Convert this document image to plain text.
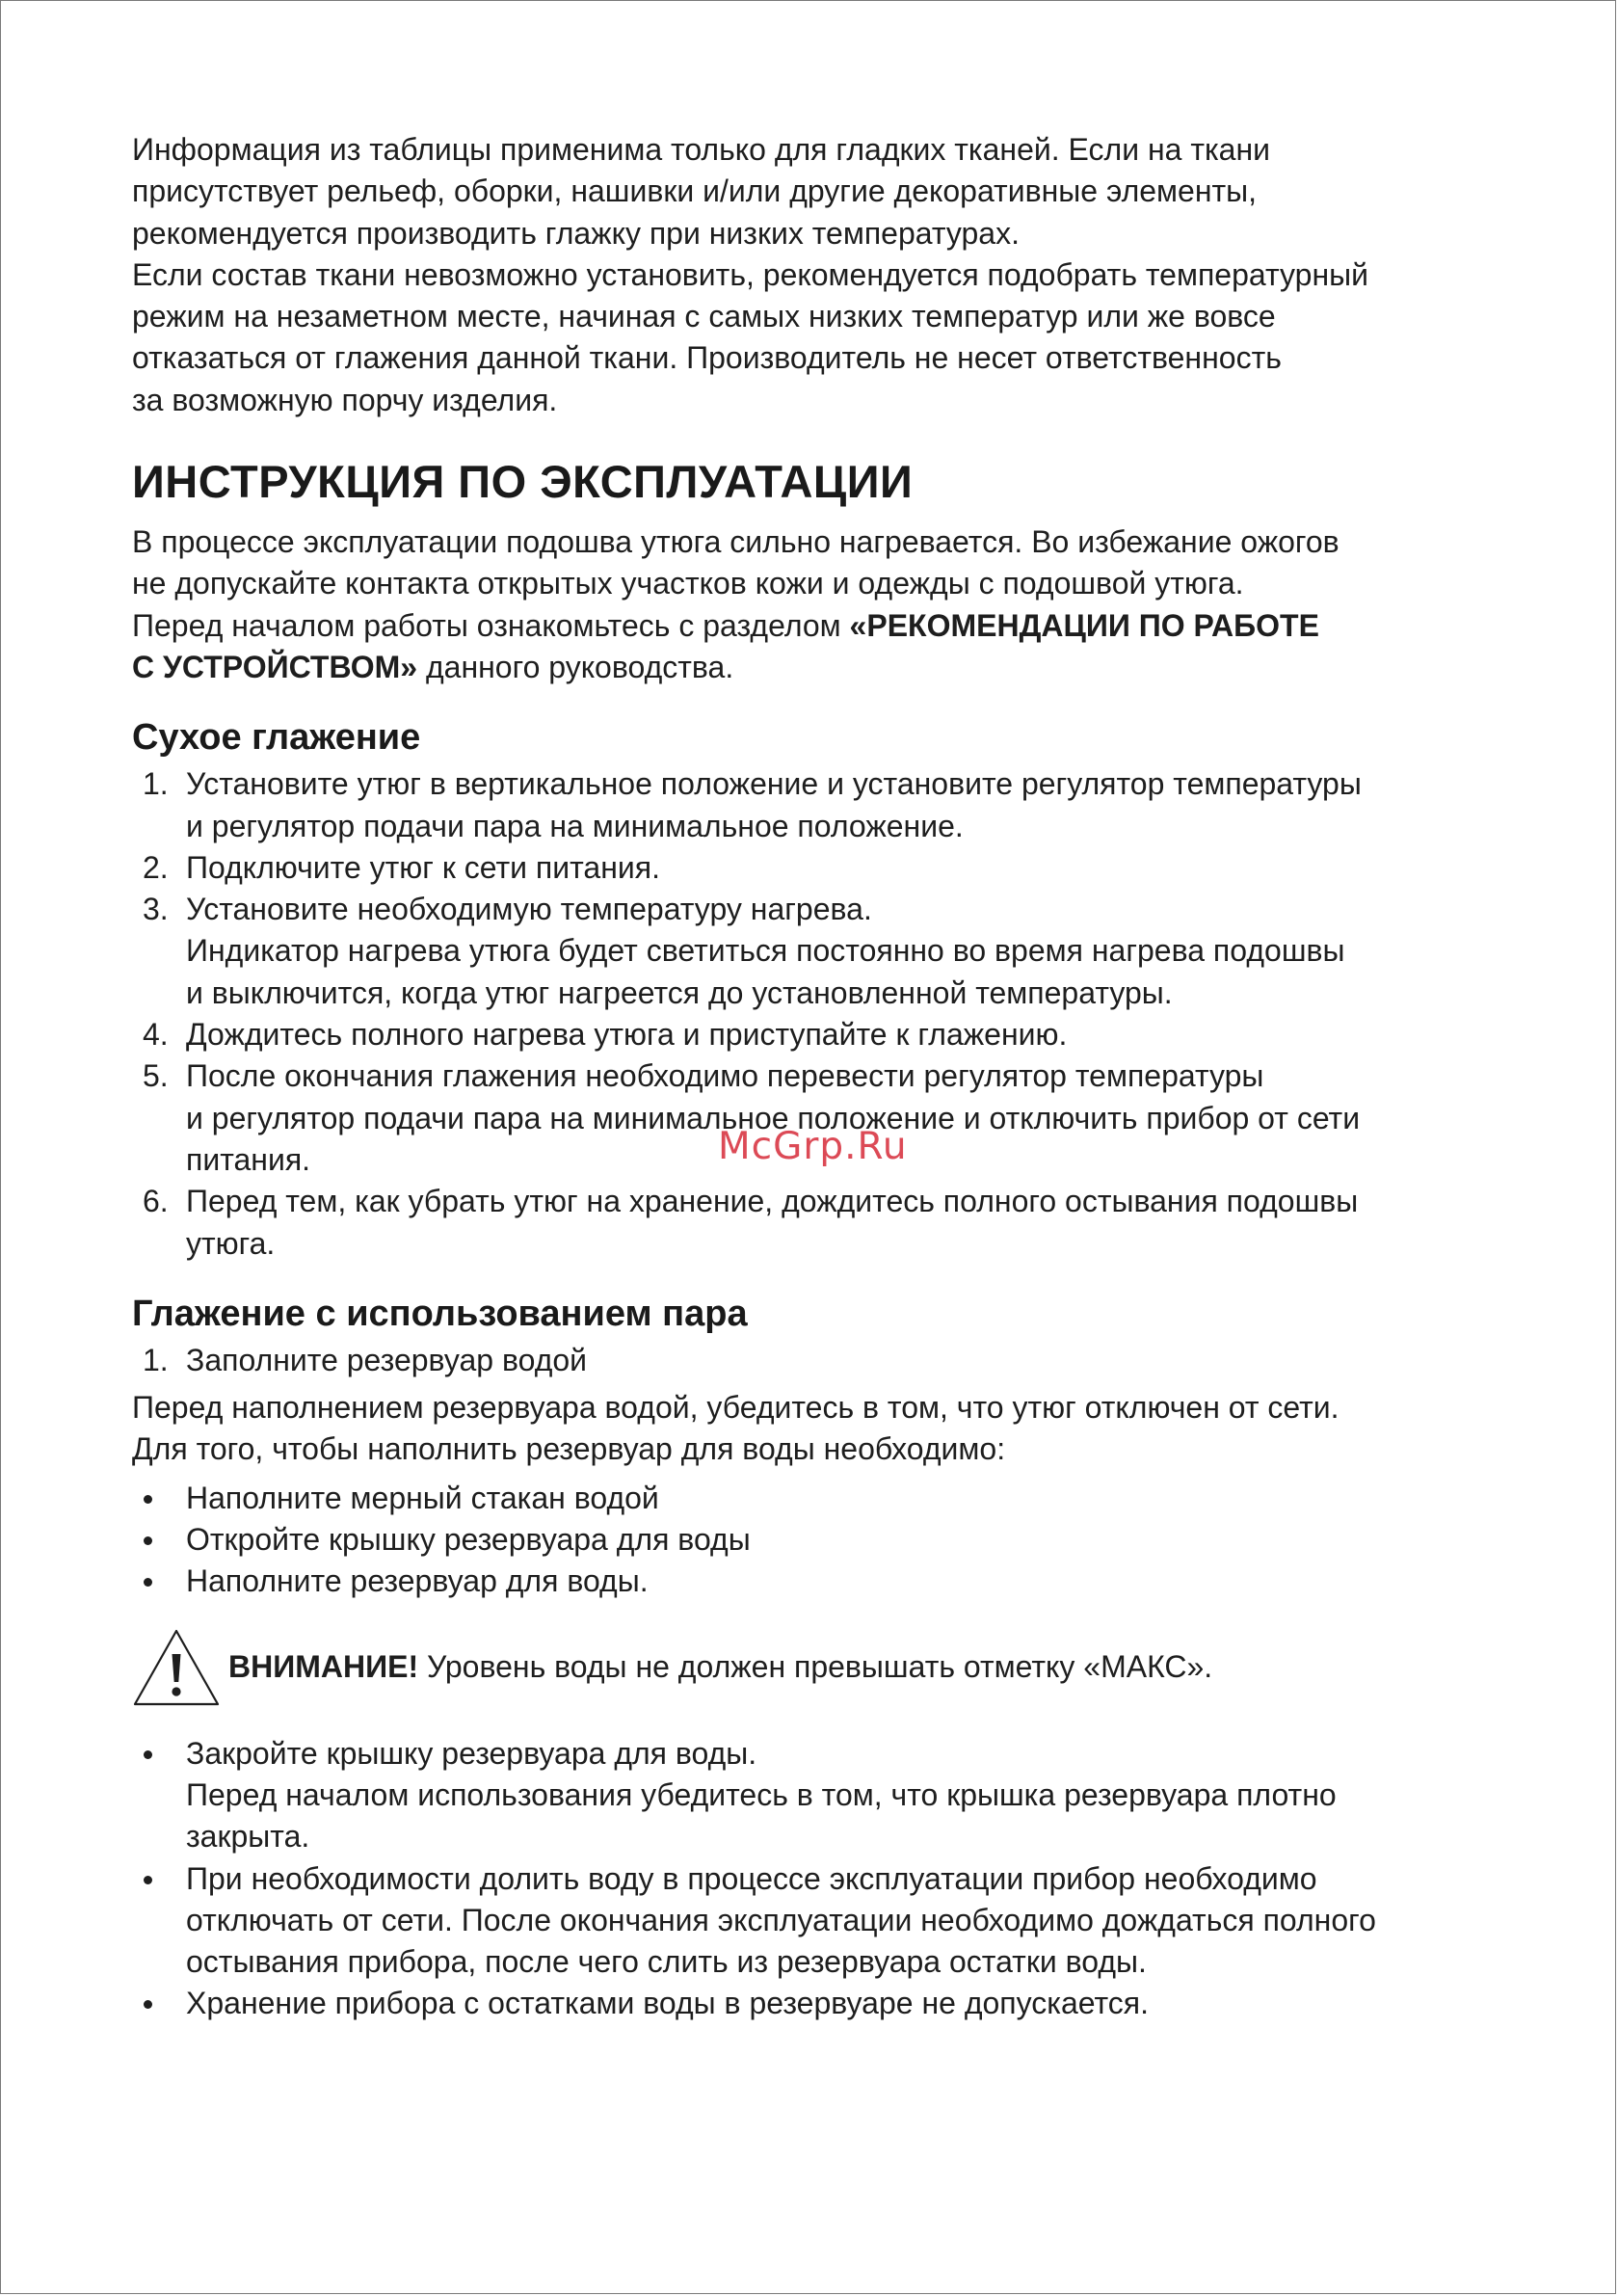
Информация из таблицы применима только для гладких тканей. Если на ткани
присутствует рельеф, оборки, нашивки и/или другие декоративные элементы,
рекомендуется производить глажку при низких температурах.
Если состав ткани невозможно установить, рекомендуется подобрать температурный
режим на незаметном месте, начиная с самых низких температур или же вовсе
отказаться от глажения данной ткани. Производитель не несет ответственность
за возможную порчу изделия.

ИНСТРУКЦИЯ ПО ЭКСПЛУАТАЦИИ

В процессе эксплуатации подошва утюга сильно нагревается. Во избежание ожогов
не допускайте контакта открытых участков кожи и одежды с подошвой утюга.
Перед началом работы ознакомьтесь с разделом «РЕКОМЕНДАЦИИ ПО РАБОТЕ
С УСТРОЙСТВОМ» данного руководства.

Сухое глажение
1. Установите утюг в вертикальное положение и установите регулятор температуры
и регулятор подачи пара на минимальное положение.
2. Подключите утюг к сети питания.
3. Установите необходимую температуру нагрева.
Индикатор нагрева утюга будет светиться постоянно во время нагрева подошвы
и выключится, когда утюг нагреется до установленной температуры.
4. Дождитесь полного нагрева утюга и приступайте к глажению.
5. После окончания глажения необходимо перевести регулятор температуры
и регулятор подачи пара на минимальное положение и отключить прибор от сети
питания.
6. Перед тем, как убрать утюг на хранение, дождитесь полного остывания подошвы
утюга.
Глажение с использованием пара
1. Заполните резервуар водой

Перед наполнением резервуара водой, убедитесь в том, что утюг отключен от сети.
Для того, чтобы наполнить резервуар для воды необходимо:

Наполните мерный стакан водой
Откройте крышку резервуара для воды
Наполните резервуар для воды.
ВНИМАНИЕ! Уровень воды не должен превышать отметку «МАКС».
Закройте крышку резервуара для воды.
Перед началом использования убедитесь в том, что крышка резервуара плотно
закрыта.
При необходимости долить воду в процессе эксплуатации прибор необходимо
отключать от сети. После окончания эксплуатации необходимо дождаться полного
остывания прибора, после чего слить из резервуара остатки воды.
Хранение прибора с остатками воды в резервуаре не допускается.
McGrp.Ru
